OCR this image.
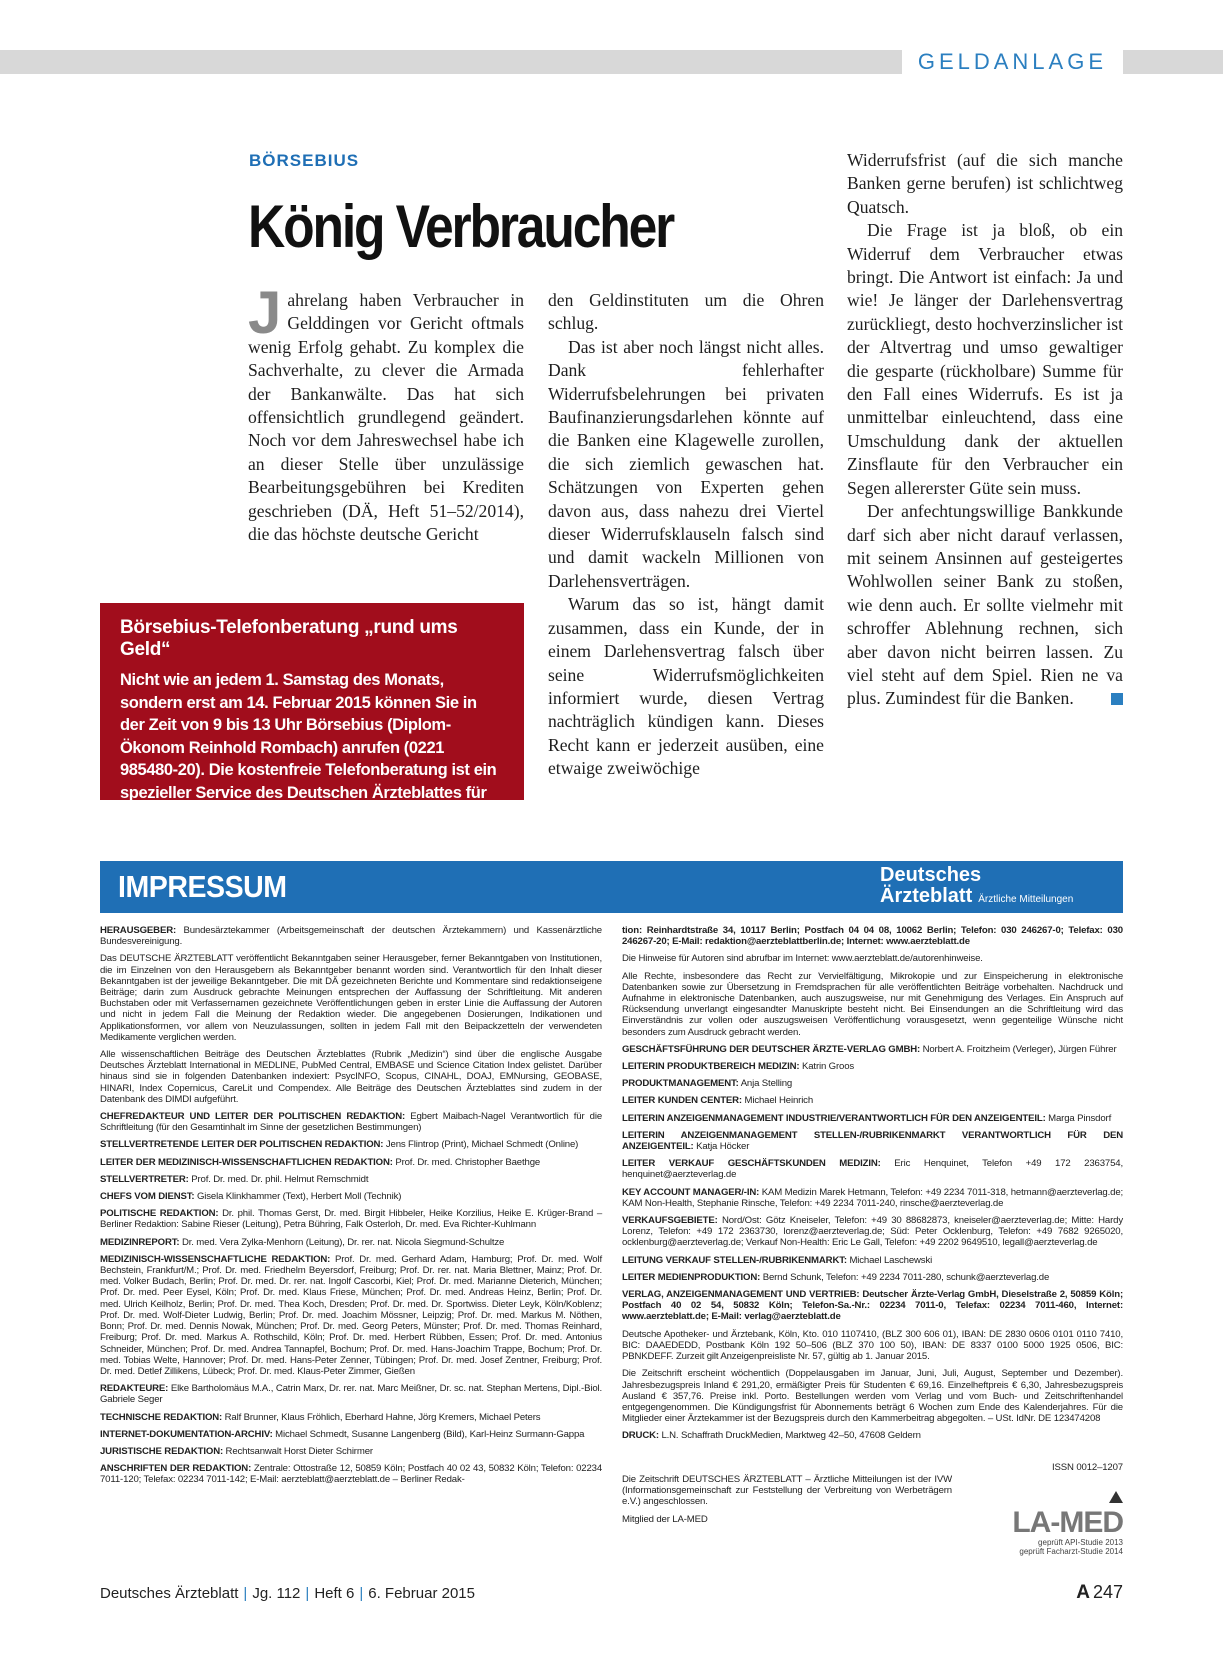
GELDANLAGE
BÖRSEBIUS
König Verbraucher

Jahrelang haben Verbraucher in Gelddingen vor Gericht oftmals wenig Erfolg gehabt. Zu komplex die Sachverhalte, zu clever die Armada der Bankanwälte. Das hat sich offensichtlich grundlegend geändert. Noch vor dem Jahreswechsel habe ich an dieser Stelle über unzulässige Bearbeitungsgebühren bei Krediten geschrieben (DÄ, Heft 51–52/2014), die das höchste deutsche Gericht

den Geldinstituten um die Ohren schlug.

Das ist aber noch längst nicht alles. Dank fehlerhafter Widerrufsbelehrungen bei privaten Baufinanzierungsdarlehen könnte auf die Banken eine Klagewelle zurollen, die sich ziemlich gewaschen hat. Schätzungen von Experten gehen davon aus, dass nahezu drei Viertel dieser Widerrufsklauseln falsch sind und damit wackeln Millionen von Darlehensverträgen.

Warum das so ist, hängt damit zusammen, dass ein Kunde, der in einem Darlehensvertrag falsch über seine Widerrufsmöglichkeiten informiert wurde, diesen Vertrag nachträglich kündigen kann. Dieses Recht kann er jederzeit ausüben, eine etwaige zweiwöchige

Widerrufsfrist (auf die sich manche Banken gerne berufen) ist schlichtweg Quatsch.

Die Frage ist ja bloß, ob ein Widerruf dem Verbraucher etwas bringt. Die Antwort ist einfach: Ja und wie! Je länger der Darlehensvertrag zurückliegt, desto hochverzinslicher ist der Altvertrag und umso gewaltiger die gesparte (rückholbare) Summe für den Fall eines Widerrufs. Es ist ja unmittelbar einleuchtend, dass eine Umschuldung dank der aktuellen Zinsflaute für den Verbraucher ein Segen allererster Güte sein muss.

Der anfechtungswillige Bankkunde darf sich aber nicht darauf verlassen, mit seinem Ansinnen auf gesteigertes Wohlwollen seiner Bank zu stoßen, wie denn auch. Er sollte vielmehr mit schroffer Ablehnung rechnen, sich aber davon nicht beirren lassen. Zu viel steht auf dem Spiel. Rien ne va plus. Zumindest für die Banken.

Börsebius-Telefonberatung „rund ums Geld“
Nicht wie an jedem 1. Samstag des Monats, sondern erst am 14. Februar 2015 können Sie in der Zeit von 9 bis 13 Uhr Börsebius (Diplom-Ökonom Reinhold Rombach) anrufen (0221 985480-20). Die kostenfreie Telefonberatung ist ein spezieller Service des Deutschen Ärzteblattes für seine Leser.
IMPRESSUM	Deutsches
Ärzteblatt Ärztliche Mitteilungen

HERAUSGEBER: Bundesärztekammer (Arbeitsgemeinschaft der deutschen Ärztekammern) und Kassenärztliche Bundesvereinigung.

Das DEUTSCHE ÄRZTEBLATT veröffentlicht Bekanntgaben seiner Herausgeber, ferner Bekanntgaben von Institutionen, die im Einzelnen von den Herausgebern als Bekanntgeber benannt worden sind. Verantwortlich für den Inhalt dieser Bekanntgaben ist der jeweilige Bekanntgeber. Die mit DÄ gezeichneten Berichte und Kommentare sind redaktionseigene Beiträge; darin zum Ausdruck gebrachte Meinungen entsprechen der Auffassung der Schriftleitung. Mit anderen Buchstaben oder mit Verfassernamen gezeichnete Veröffentlichungen geben in erster Linie die Auffassung der Autoren und nicht in jedem Fall die Meinung der Redaktion wieder. Die angegebenen Dosierungen, Indikationen und Applikationsformen, vor allem von Neuzulassungen, sollten in jedem Fall mit den Beipackzetteln der verwendeten Medikamente verglichen werden.

Alle wissenschaftlichen Beiträge des Deutschen Ärzteblattes (Rubrik „Medizin“) sind über die englische Ausgabe Deutsches Ärzteblatt International in MEDLINE, PubMed Central, EMBASE und Science Citation Index gelistet. Darüber hinaus sind sie in folgenden Datenbanken indexiert: PsycINFO, Scopus, CINAHL, DOAJ, EMNursing, GEOBASE, HINARI, Index Copernicus, CareLit und Compendex. Alle Beiträge des Deutschen Ärzteblattes sind zudem in der Datenbank des DIMDI aufgeführt.

CHEFREDAKTEUR UND LEITER DER POLITISCHEN REDAKTION: Egbert Maibach-Nagel Verantwortlich für die Schriftleitung (für den Gesamtinhalt im Sinne der gesetzlichen Bestimmungen)

STELLVERTRETENDE LEITER DER POLITISCHEN REDAKTION: Jens Flintrop (Print), Michael Schmedt (Online)

LEITER DER MEDIZINISCH-WISSENSCHAFTLICHEN REDAKTION: Prof. Dr. med. Christopher Baethge

STELLVERTRETER: Prof. Dr. med. Dr. phil. Helmut Remschmidt

CHEFS VOM DIENST: Gisela Klinkhammer (Text), Herbert Moll (Technik)

POLITISCHE REDAKTION: Dr. phil. Thomas Gerst, Dr. med. Birgit Hibbeler, Heike Korzilius, Heike E. Krüger-Brand – Berliner Redaktion: Sabine Rieser (Leitung), Petra Bühring, Falk Osterloh, Dr. med. Eva Richter-Kuhlmann

MEDIZINREPORT: Dr. med. Vera Zylka-Menhorn (Leitung), Dr. rer. nat. Nicola Siegmund-Schultze

MEDIZINISCH-WISSENSCHAFTLICHE REDAKTION: Prof. Dr. med. Gerhard Adam, Hamburg; Prof. Dr. med. Wolf Bechstein, Frankfurt/M.; Prof. Dr. med. Friedhelm Beyersdorf, Freiburg; Prof. Dr. rer. nat. Maria Blettner, Mainz; Prof. Dr. med. Volker Budach, Berlin; Prof. Dr. med. Dr. rer. nat. Ingolf Cascorbi, Kiel; Prof. Dr. med. Marianne Dieterich, München; Prof. Dr. med. Peer Eysel, Köln; Prof. Dr. med. Klaus Friese, München; Prof. Dr. med. Andreas Heinz, Berlin; Prof. Dr. med. Ulrich Keilholz, Berlin; Prof. Dr. med. Thea Koch, Dresden; Prof. Dr. med. Dr. Sportwiss. Dieter Leyk, Köln/Koblenz; Prof. Dr. med. Wolf-Dieter Ludwig, Berlin; Prof. Dr. med. Joachim Mössner, Leipzig; Prof. Dr. med. Markus M. Nöthen, Bonn; Prof. Dr. med. Dennis Nowak, München; Prof. Dr. med. Georg Peters, Münster; Prof. Dr. med. Thomas Reinhard, Freiburg; Prof. Dr. med. Markus A. Rothschild, Köln; Prof. Dr. med. Herbert Rübben, Essen; Prof. Dr. med. Antonius Schneider, München; Prof. Dr. med. Andrea Tannapfel, Bochum; Prof. Dr. med. Hans-Joachim Trappe, Bochum; Prof. Dr. med. Tobias Welte, Hannover; Prof. Dr. med. Hans-Peter Zenner, Tübingen; Prof. Dr. med. Josef Zentner, Freiburg; Prof. Dr. med. Detlef Zillikens, Lübeck; Prof. Dr. med. Klaus-Peter Zimmer, Gießen

REDAKTEURE: Elke Bartholomäus M.A., Catrin Marx, Dr. rer. nat. Marc Meißner, Dr. sc. nat. Stephan Mertens, Dipl.-Biol. Gabriele Seger

TECHNISCHE REDAKTION: Ralf Brunner, Klaus Fröhlich, Eberhard Hahne, Jörg Kremers, Michael Peters

INTERNET-DOKUMENTATION-ARCHIV: Michael Schmedt, Susanne Langenberg (Bild), Karl-Heinz Surmann-Gappa

JURISTISCHE REDAKTION: Rechtsanwalt Horst Dieter Schirmer

ANSCHRIFTEN DER REDAKTION: Zentrale: Ottostraße 12, 50859 Köln; Postfach 40 02 43, 50832 Köln; Telefon: 02234 7011-120; Telefax: 02234 7011-142; E-Mail: aerzteblatt@aerzteblatt.de – Berliner Redak-

tion: Reinhardtstraße 34, 10117 Berlin; Postfach 04 04 08, 10062 Berlin; Telefon: 030 246267-0; Telefax: 030 246267-20; E-Mail: redaktion@aerzteblattberlin.de; Internet: www.aerzteblatt.de

Die Hinweise für Autoren sind abrufbar im Internet: www.aerzteblatt.de/autorenhinweise.

Alle Rechte, insbesondere das Recht zur Vervielfältigung, Mikrokopie und zur Einspeicherung in elektronische Datenbanken sowie zur Übersetzung in Fremdsprachen für alle veröffentlichten Beiträge vorbehalten. Nachdruck und Aufnahme in elektronische Datenbanken, auch auszugsweise, nur mit Genehmigung des Verlages. Ein Anspruch auf Rücksendung unverlangt eingesandter Manuskripte besteht nicht. Bei Einsendungen an die Schriftleitung wird das Einverständnis zur vollen oder auszugsweisen Veröffentlichung vorausgesetzt, wenn gegenteilige Wünsche nicht besonders zum Ausdruck gebracht werden.

GESCHÄFTSFÜHRUNG DER DEUTSCHER ÄRZTE-VERLAG GMBH: Norbert A. Froitzheim (Verleger), Jürgen Führer

LEITERIN PRODUKTBEREICH MEDIZIN: Katrin Groos

PRODUKTMANAGEMENT: Anja Stelling

LEITER KUNDEN CENTER: Michael Heinrich

LEITERIN ANZEIGENMANAGEMENT INDUSTRIE/VERANTWORTLICH FÜR DEN ANZEIGENTEIL: Marga Pinsdorf

LEITERIN ANZEIGENMANAGEMENT STELLEN-/RUBRIKENMARKT VERANTWORTLICH FÜR DEN ANZEIGENTEIL: Katja Höcker

LEITER VERKAUF GESCHÄFTSKUNDEN MEDIZIN: Eric Henquinet, Telefon +49 172 2363754, henquinet@aerzteverlag.de

KEY ACCOUNT MANAGER/-IN: KAM Medizin Marek Hetmann, Telefon: +49 2234 7011-318, hetmann@aerzteverlag.de; KAM Non-Health, Stephanie Rinsche, Telefon: +49 2234 7011-240, rinsche@aerzteverlag.de

VERKAUFSGEBIETE: Nord/Ost: Götz Kneiseler, Telefon: +49 30 88682873, kneiseler@aerzteverlag.de; Mitte: Hardy Lorenz, Telefon: +49 172 2363730, lorenz@aerzteverlag.de; Süd: Peter Ocklenburg, Telefon: +49 7682 9265020, ocklenburg@aerzteverlag.de; Verkauf Non-Health: Eric Le Gall, Telefon: +49 2202 9649510, legall@aerzteverlag.de

LEITUNG VERKAUF STELLEN-/RUBRIKENMARKT: Michael Laschewski

LEITER MEDIENPRODUKTION: Bernd Schunk, Telefon: +49 2234 7011-280, schunk@aerzteverlag.de

VERLAG, ANZEIGENMANAGEMENT UND VERTRIEB: Deutscher Ärzte-Verlag GmbH, Dieselstraße 2, 50859 Köln; Postfach 40 02 54, 50832 Köln; Telefon-Sa.-Nr.: 02234 7011-0, Telefax: 02234 7011-460, Internet: www.aerzteblatt.de; E-Mail: verlag@aerzteblatt.de

Deutsche Apotheker- und Ärztebank, Köln, Kto. 010 1107410, (BLZ 300 606 01), IBAN: DE 2830 0606 0101 0110 7410, BIC: DAAEDEDD, Postbank Köln 192 50–506 (BLZ 370 100 50), IBAN: DE 8337 0100 5000 1925 0506, BIC: PBNKDEFF. Zurzeit gilt Anzeigenpreisliste Nr. 57, gültig ab 1. Januar 2015.

Die Zeitschrift erscheint wöchentlich (Doppelausgaben im Januar, Juni, Juli, August, September und Dezember). Jahresbezugspreis Inland € 291,20, ermäßigter Preis für Studenten € 69,16. Einzelheftpreis € 6,30, Jahresbezugspreis Ausland € 357,76. Preise inkl. Porto. Bestellungen werden vom Verlag und vom Buch- und Zeitschriftenhandel entgegengenommen. Die Kündigungsfrist für Abonnements beträgt 6 Wochen zum Ende des Kalenderjahres. Für die Mitglieder einer Ärztekammer ist der Bezugspreis durch den Kammerbeitrag abgegolten. – USt. IdNr. DE 123474208

DRUCK: L.N. Schaffrath DruckMedien, Marktweg 42–50, 47608 Geldern

Die Zeitschrift DEUTSCHES ÄRZTEBLATT – Ärztliche Mitteilungen ist der IVW (Informationsgemeinschaft zur Feststellung der Verbreitung von Werbeträgern e.V.) angeschlossen.

Mitglied der LA-MED

ISSN 0012–1207
LA-MED
geprüft API-Studie 2013
geprüft Facharzt-Studie 2014
Deutsches Ärzteblatt | Jg. 112 | Heft 6 | 6. Februar 2015	A 247
